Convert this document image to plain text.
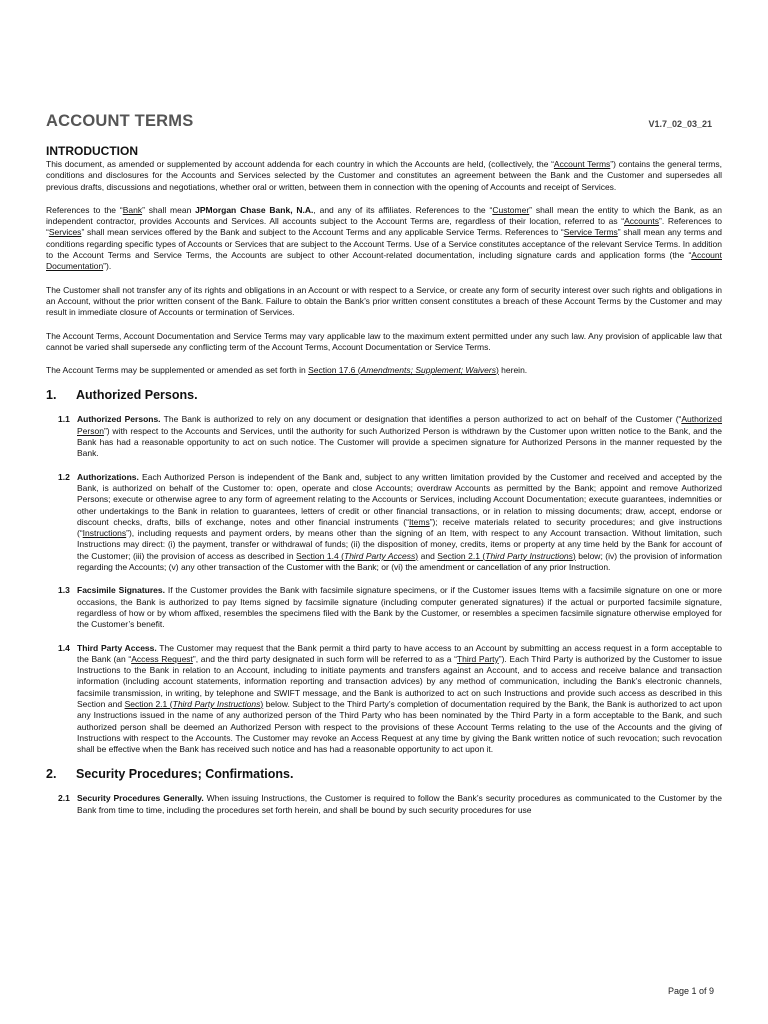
ACCOUNT TERMS	V1.7_02_03_21
INTRODUCTION

This document, as amended or supplemented by account addenda for each country in which the Accounts are held, (collectively, the “Account Terms”) contains the general terms, conditions and disclosures for the Accounts and Services selected by the Customer and constitutes an agreement between the Bank and the Customer and supersedes all previous drafts, discussions and negotiations, whether oral or written, between them in connection with the opening of Accounts and receipt of Services.

References to the “Bank” shall mean JPMorgan Chase Bank, N.A., and any of its affiliates. References to the “Customer” shall mean the entity to which the Bank, as an independent contractor, provides Accounts and Services. All accounts subject to the Account Terms are, regardless of their location, referred to as “Accounts”. References to “Services” shall mean services offered by the Bank and subject to the Account Terms and any applicable Service Terms. References to “Service Terms” shall mean any terms and conditions regarding specific types of Accounts or Services that are subject to the Account Terms. Use of a Service constitutes acceptance of the relevant Service Terms. In addition to the Account Terms and Service Terms, the Accounts are subject to other Account-related documentation, including signature cards and application forms (the “Account Documentation”).

The Customer shall not transfer any of its rights and obligations in an Account or with respect to a Service, or create any form of security interest over such rights and obligations in an Account, without the prior written consent of the Bank. Failure to obtain the Bank’s prior written consent constitutes a breach of these Account Terms by the Customer and may result in immediate closure of Accounts or termination of Services.

The Account Terms, Account Documentation and Service Terms may vary applicable law to the maximum extent permitted under any such law. Any provision of applicable law that cannot be varied shall supersede any conflicting term of the Account Terms, Account Documentation or Service Terms.

The Account Terms may be supplemented or amended as set forth in Section 17.6 (Amendments; Supplement; Waivers) herein.

1.	Authorized Persons.
1.1 Authorized Persons. The Bank is authorized to rely on any document or designation that identifies a person authorized to act on behalf of the Customer (“Authorized Person”) with respect to the Accounts and Services, until the authority for such Authorized Person is withdrawn by the Customer upon written notice to the Bank, and the Bank has had a reasonable opportunity to act on such notice. The Customer will provide a specimen signature for Authorized Persons in the manner requested by the Bank.
1.2 Authorizations. Each Authorized Person is independent of the Bank and, subject to any written limitation provided by the Customer and received and accepted by the Bank, is authorized on behalf of the Customer to: open, operate and close Accounts; overdraw Accounts as permitted by the Bank; appoint and remove Authorized Persons; execute or otherwise agree to any form of agreement relating to the Accounts or Services, including Account Documentation; execute guarantees, indemnities or other undertakings to the Bank in relation to guarantees, letters of credit or other financial transactions, or in relation to missing documents; draw, accept, endorse or discount checks, drafts, bills of exchange, notes and other financial instruments (“Items”); receive materials related to security procedures; and give instructions (“Instructions”), including requests and payment orders, by means other than the signing of an Item, with respect to any Account transaction. Without limitation, such Instructions may direct: (i) the payment, transfer or withdrawal of funds; (ii) the disposition of money, credits, items or property at any time held by the Bank for account of the Customer; (iii) the provision of access as described in Section 1.4 (Third Party Access) and Section 2.1 (Third Party Instructions) below; (iv) the provision of information regarding the Accounts; (v) any other transaction of the Customer with the Bank; or (vi) the amendment or cancellation of any prior Instruction.
1.3 Facsimile Signatures. If the Customer provides the Bank with facsimile signature specimens, or if the Customer issues Items with a facsimile signature on one or more occasions, the Bank is authorized to pay Items signed by facsimile signature (including computer generated signatures) if the actual or purported facsimile signature, regardless of how or by whom affixed, resembles the specimens filed with the Bank by the Customer, or resembles a specimen facsimile signature otherwise employed for the Customer’s benefit.
1.4 Third Party Access. The Customer may request that the Bank permit a third party to have access to an Account by submitting an access request in a form acceptable to the Bank (an “Access Request”, and the third party designated in such form will be referred to as a “Third Party”). Each Third Party is authorized by the Customer to issue Instructions to the Bank in relation to an Account, including to initiate payments and transfers against an Account, and to access and receive balance and transaction information (including account statements, information reporting and transaction advices) by any method of communication, including the Bank’s electronic channels, facsimile transmission, in writing, by telephone and SWIFT message, and the Bank is authorized to act on such Instructions and provide such access as described in this Section and Section 2.1 (Third Party Instructions) below. Subject to the Third Party’s completion of documentation required by the Bank, the Bank is authorized to act upon any Instructions issued in the name of any authorized person of the Third Party who has been nominated by the Third Party in a form acceptable to the Bank, and such authorized person shall be deemed an Authorized Person with respect to the provisions of these Account Terms relating to the use of the Accounts and the giving of Instructions with respect to the Accounts. The Customer may revoke an Access Request at any time by giving the Bank written notice of such revocation; such revocation shall be effective when the Bank has received such notice and has had a reasonable opportunity to act upon it.
2.	Security Procedures; Confirmations.
2.1 Security Procedures Generally. When issuing Instructions, the Customer is required to follow the Bank’s security procedures as communicated to the Customer by the Bank from time to time, including the procedures set forth herein, and shall be bound by such security procedures for use
Page 1 of 9
